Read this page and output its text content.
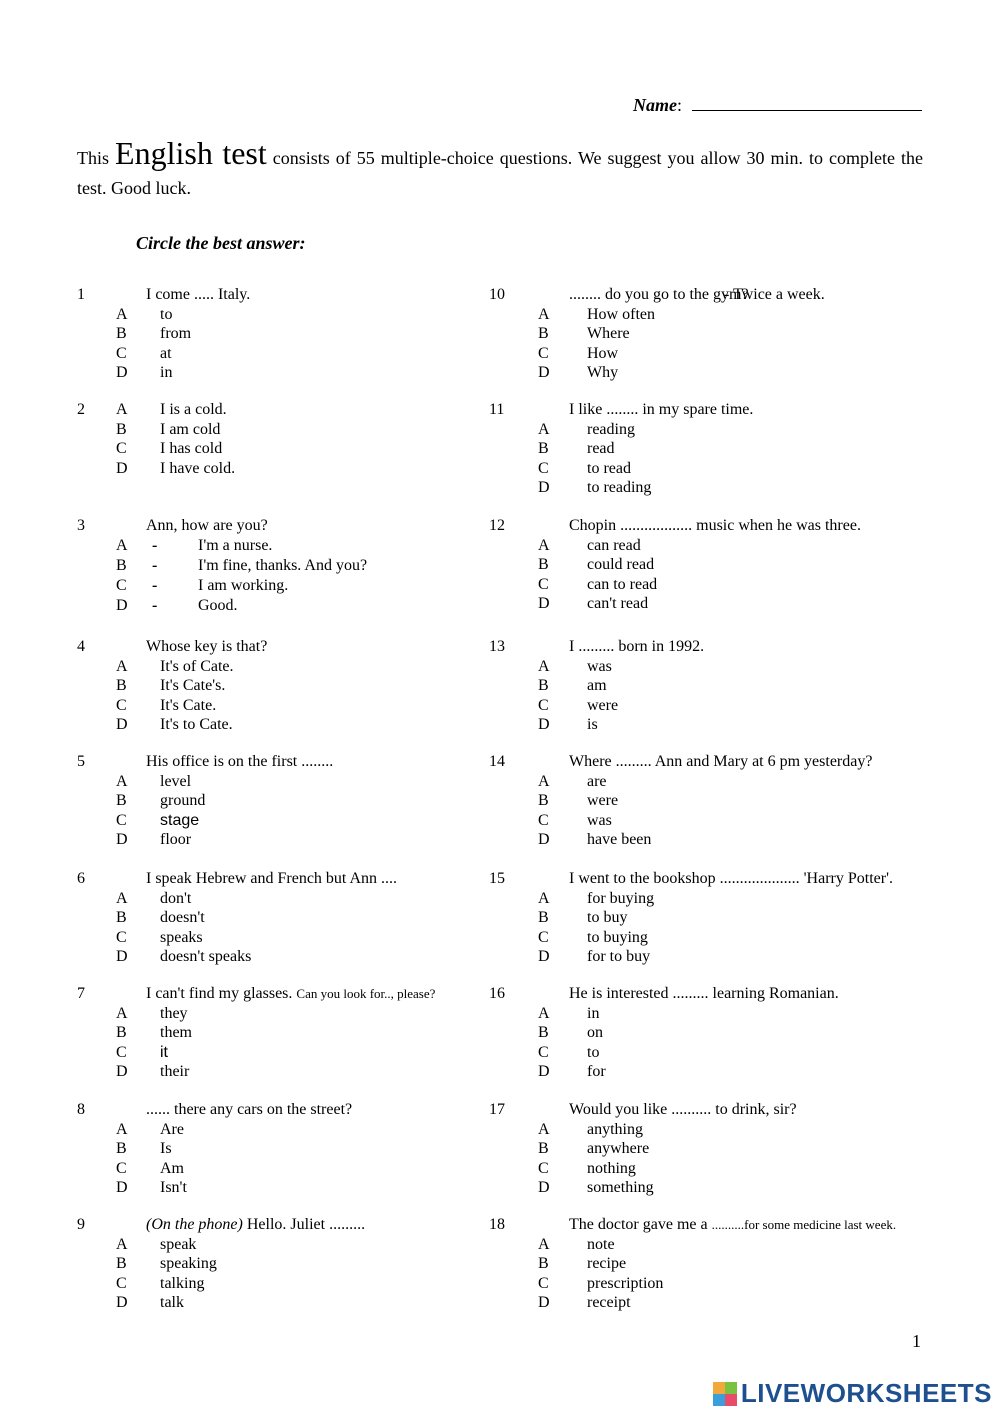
Name:
This English test consists of 55 multiple-choice questions. We suggest you allow 30 min. to complete the test. Good luck.
Circle the best answer:
1	I come ..... Italy.
A to
B from
C at
D in
2 A I is a cold.
B I am cold
C I has cold
D I have cold.
3	Ann, how are you?
-
A	I'm a nurse.
-
B	I'm fine, thanks. And you?
-
C	I am working.
-
D	Good.
4	Whose key is that?
A It's of Cate.
B It's Cate's.
C It's Cate.
D It's to Cate.
5	His office is on the first ........
A level
B ground
C stage
D floor
6	I speak Hebrew and French but Ann ....
A don't
B doesn't
C speaks
D doesn't speaks
7	I can't find my glasses. Can you look for.., please?
A they
B them
C it
D their
8	...... there any cars on the street?
A Are
B Is
C Am
D Isn't
9	(On the phone) Hello. Juliet .........
A speak
B speaking
C talking
D talk
10	........ do you go to the gym?
- Twice a week.
A How often
B Where
C How
D Why
11	I like ........ in my spare time.
A reading
B read
C to read
D to reading
12	Chopin .................. music when he was three.
A can read
B could read
C can to read
D can't read
13	I ......... born in 1992.
A was
B am
C were
D is
14	Where ......... Ann and Mary at 6 pm yesterday?
A are
B were
C was
D have been
15	I went to the bookshop .................... 'Harry Potter'.
A for buying
B to buy
C to buying
D for to buy
16	He is interested ......... learning Romanian.
A in
B on
C to
D for
17	Would you like .......... to drink, sir?
A anything
B anywhere
C nothing
D something
18	The doctor gave me a ..........for some medicine last week.
A note
B recipe
C prescription
D receipt
1
LIVEWORKSHEETS
